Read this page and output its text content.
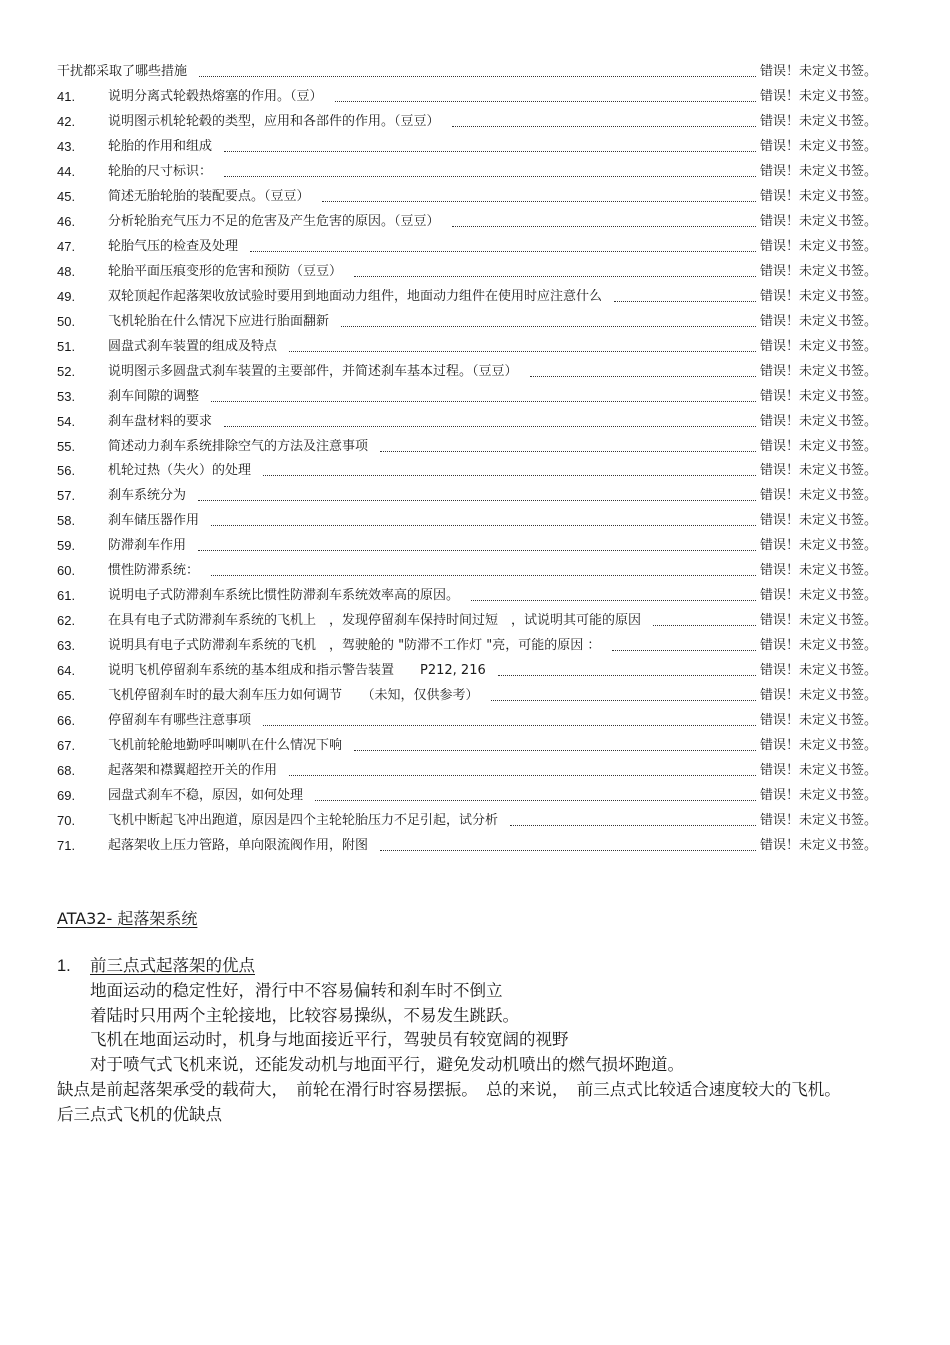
干扰都采取了哪些措施	错误！未定义书签。
41.	说明分离式轮毂热熔塞的作用。（豆）	错误！未定义书签。
42.	说明图示机轮轮毂的类型，应用和各部件的作用。（豆豆）	错误！未定义书签。
43.	轮胎的作用和组成	错误！未定义书签。
44.	轮胎的尺寸标识：	错误！未定义书签。
45.	简述无胎轮胎的装配要点。（豆豆）	错误！未定义书签。
46.	分析轮胎充气压力不足的危害及产生危害的原因。（豆豆）	错误！未定义书签。
47.	轮胎气压的检查及处理	错误！未定义书签。
48.	轮胎平面压痕变形的危害和预防（豆豆）	错误！未定义书签。
49.	双轮顶起作起落架收放试验时要用到地面动力组件，地面动力组件在使用时应注意什么	错误！未定义书签。
50.	飞机轮胎在什么情况下应进行胎面翻新	错误！未定义书签。
51.	圆盘式刹车装置的组成及特点	错误！未定义书签。
52.	说明图示多圆盘式刹车装置的主要部件，并简述刹车基本过程。（豆豆）	错误！未定义书签。
53.	刹车间隙的调整	错误！未定义书签。
54.	刹车盘材料的要求	错误！未定义书签。
55.	简述动力刹车系统排除空气的方法及注意事项	错误！未定义书签。
56.	机轮过热（失火）的处理	错误！未定义书签。
57.	刹车系统分为	错误！未定义书签。
58.	刹车储压器作用	错误！未定义书签。
59.	防滞刹车作用	错误！未定义书签。
60.	惯性防滞系统：	错误！未定义书签。
61.	说明电子式防滞刹车系统比惯性防滞刹车系统效率高的原因。	错误！未定义书签。
62.	在具有电子式防滞刹车系统的飞机上　，发现停留刹车保持时间过短　，试说明其可能的原因	错误！未定义书签。
63.	说明具有电子式防滞刹车系统的飞机　，驾驶舱的 "防滞不工作灯 "亮，可能的原因 ：	错误！未定义书签。
64.	说明飞机停留刹车系统的基本组成和指示警告装置　　P212, 216	错误！未定义书签。
65.	飞机停留刹车时的最大刹车压力如何调节　　（未知，仅供参考）	错误！未定义书签。
66.	停留刹车有哪些注意事项	错误！未定义书签。
67.	飞机前轮舱地勤呼叫喇叭在什么情况下响	错误！未定义书签。
68.	起落架和襟翼超控开关的作用	错误！未定义书签。
69.	园盘式刹车不稳，原因，如何处理	错误！未定义书签。
70.	飞机中断起飞冲出跑道，原因是四个主轮轮胎压力不足引起，试分析	错误！未定义书签。
71.	起落架收上压力管路，单向限流阀作用，附图	错误！未定义书签。
ATA32- 起落架系统
1.	前三点式起落架的优点
地面运动的稳定性好，滑行中不容易偏转和刹车时不倒立
着陆时只用两个主轮接地，比较容易操纵，不易发生跳跃。
飞机在地面运动时，机身与地面接近平行，驾驶员有较宽阔的视野
对于喷气式飞机来说，还能发动机与地面平行，避免发动机喷出的燃气损坏跑道。
缺点是前起落架承受的载荷大，　前轮在滑行时容易摆振。　总的来说，　前三点式比较适合速度较大的飞机。
后三点式飞机的优缺点
